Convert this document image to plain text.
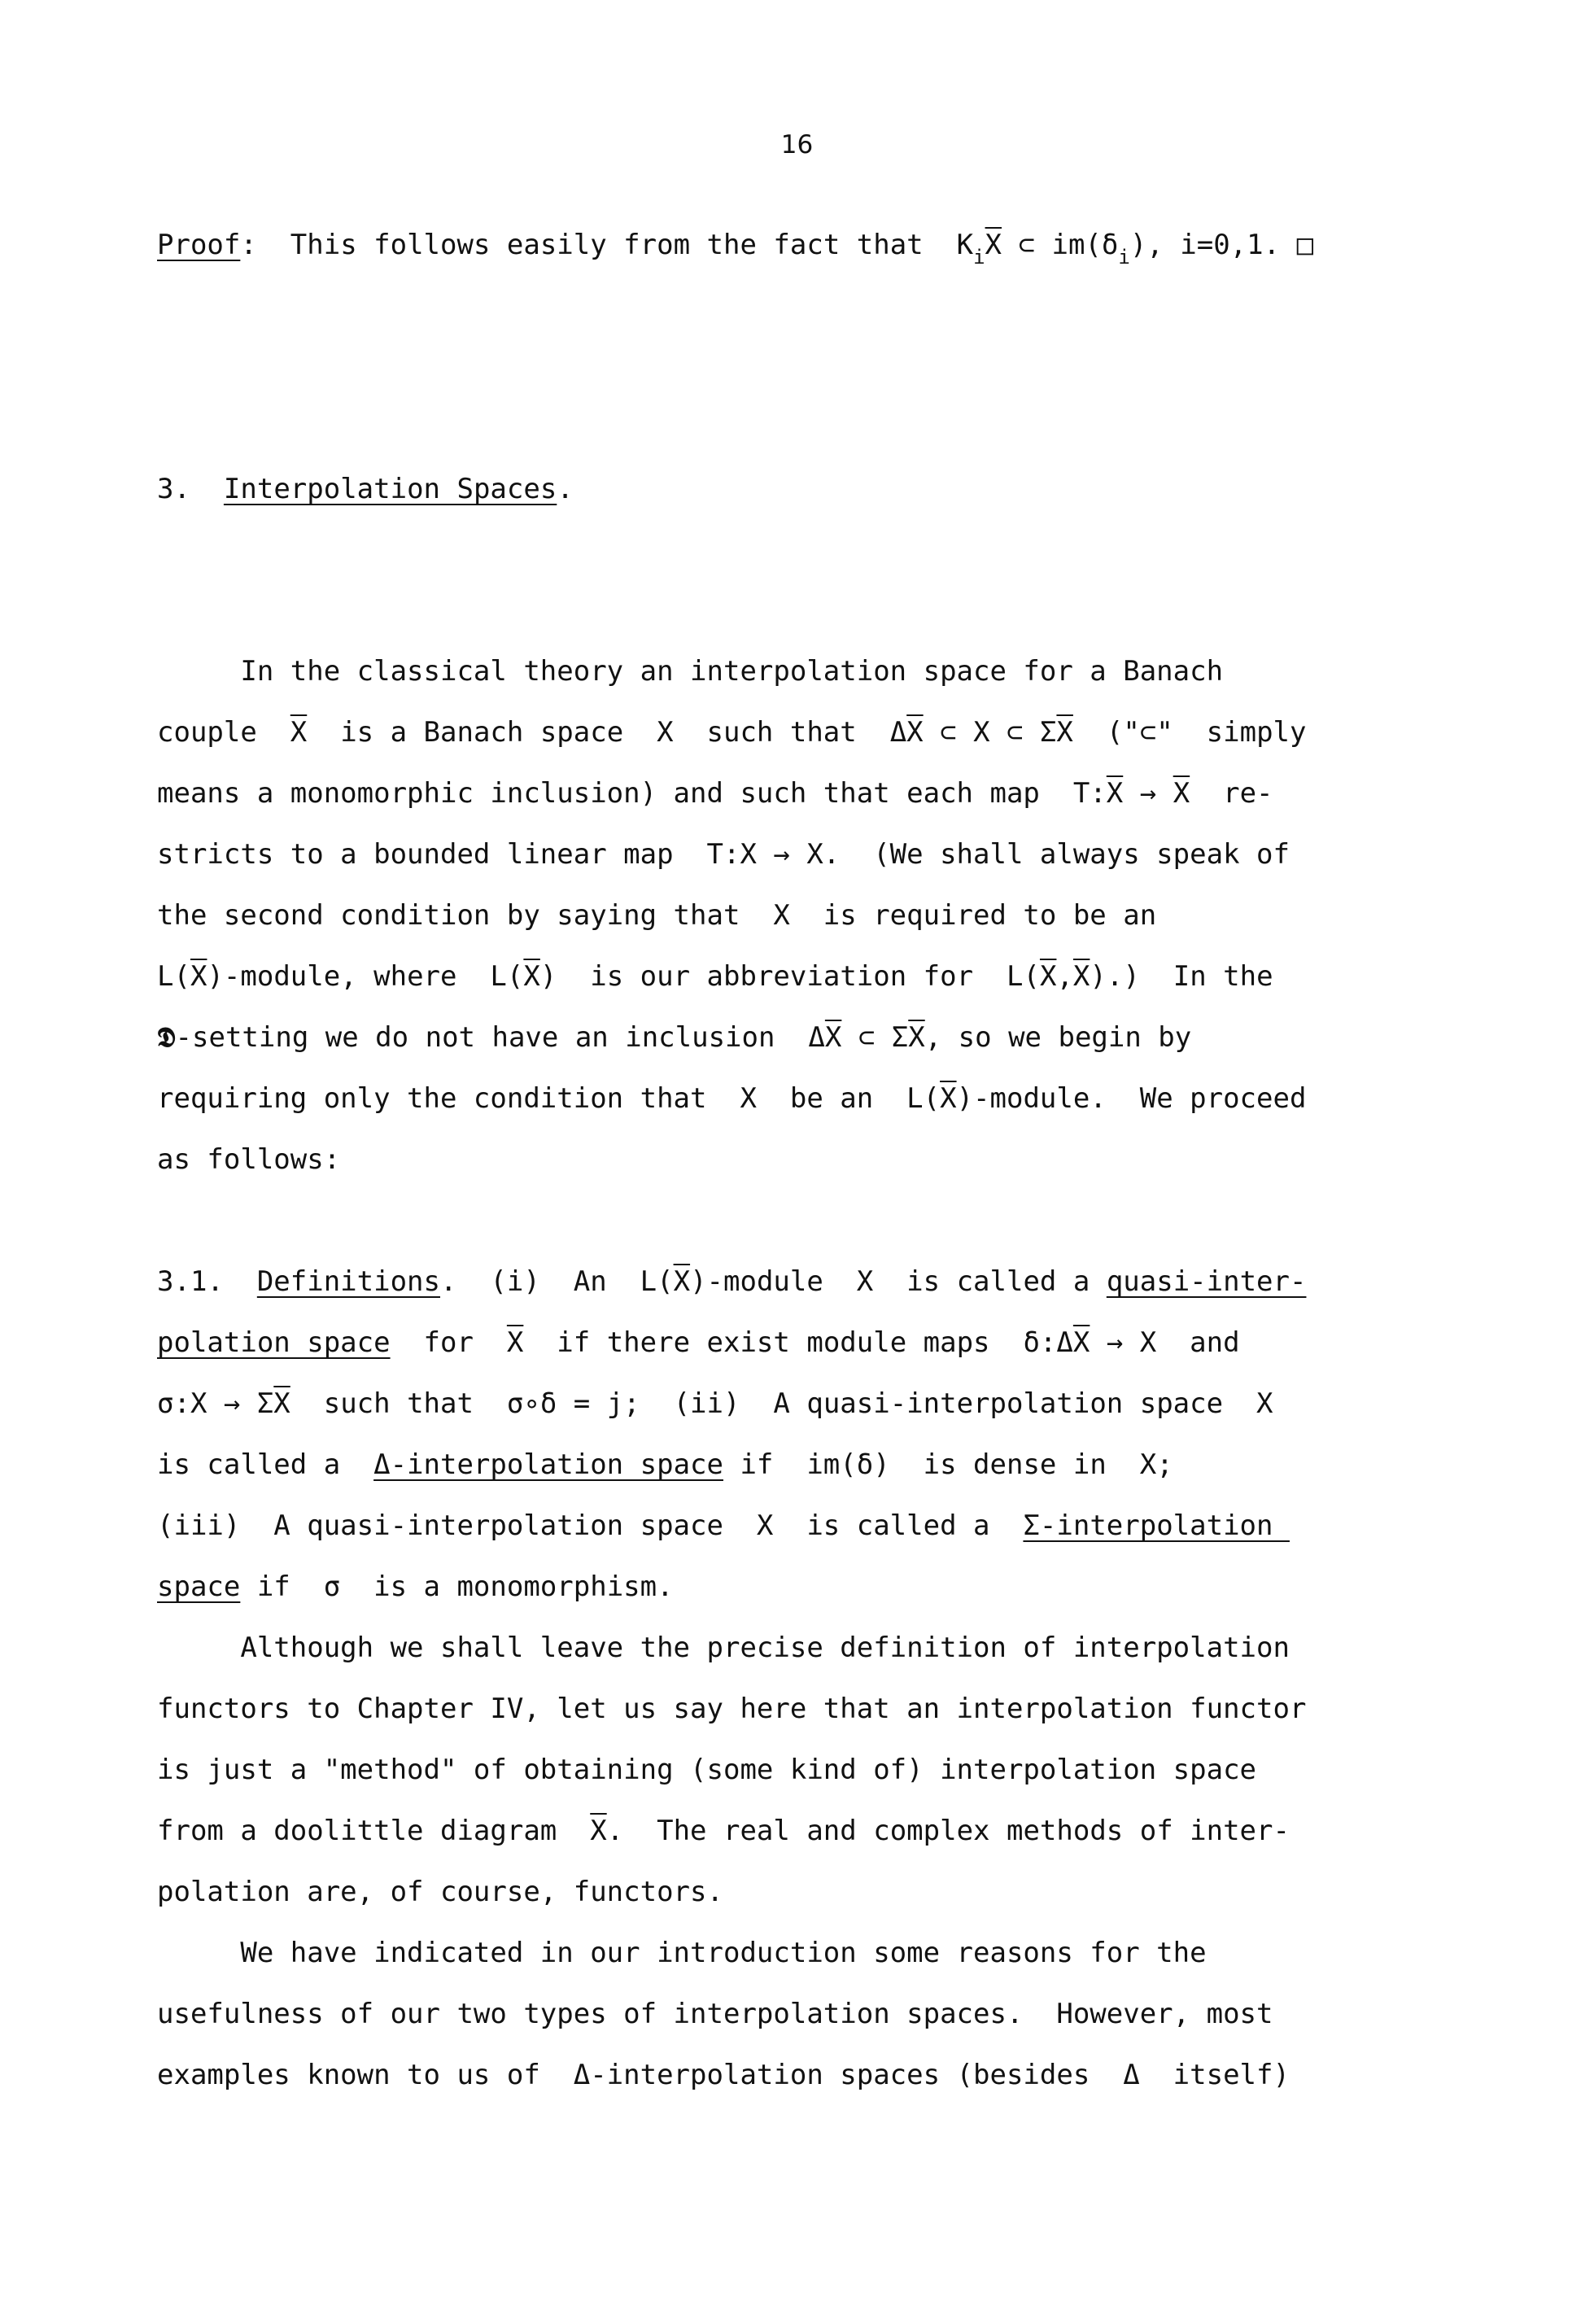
16
Proof:  This follows easily from the fact that $K_i\overline{X}$ ⊂ $im(\delta_i)$, i=0,1. □
3. Interpolation Spaces.
In the classical theory an interpolation space for a Banach
couple  $\overline{X}$  is a Banach space  X  such that  $\Delta\overline{X}$ ⊂ X ⊂ $\Sigma\overline{X}$  ("⊂"  simply
means a monomorphic inclusion) and such that each map  $T:\overline{X} \to \overline{X}$  re-
stricts to a bounded linear map  T:X → X.  (We shall always speak of
the second condition by saying that  X  is required to be an
$L(\overline{X})$-module, where  $L(\overline{X})$  is our abbreviation for  $L(\overline{X},\overline{X})$.)  In the
𝕯-setting we do not have an inclusion  $\Delta\overline{X}$ ⊂ $\Sigma\overline{X}$, so we begin by
requiring only the condition that  X  be an  $L(\overline{X})$-module.  We proceed
as follows:
3.1.  Definitions.  (i)  An  $L(\overline{X})$-module  X  is called a quasi-inter-
polation space  for  $\overline{X}$  if there exist module maps  $\delta:\Delta\overline{X} \to X$  and
σ:X → $\Sigma\overline{X}$  such that  σ∘δ = j;  (ii)  A quasi-interpolation space  X
is called a  Δ-interpolation space if  im(δ)  is dense in  X;
(iii)  A quasi-interpolation space  X  is called a  Σ-interpolation
space if  σ  is a monomorphism.
Although we shall leave the precise definition of interpolation
functors to Chapter IV, let us say here that an interpolation functor
is just a "method" of obtaining (some kind of) interpolation space
from a doolittle diagram  $\overline{X}$.  The real and complex methods of inter-
polation are, of course, functors.
We have indicated in our introduction some reasons for the
usefulness of our two types of interpolation spaces.  However, most
examples known to us of  Δ-interpolation spaces (besides  Δ  itself)
